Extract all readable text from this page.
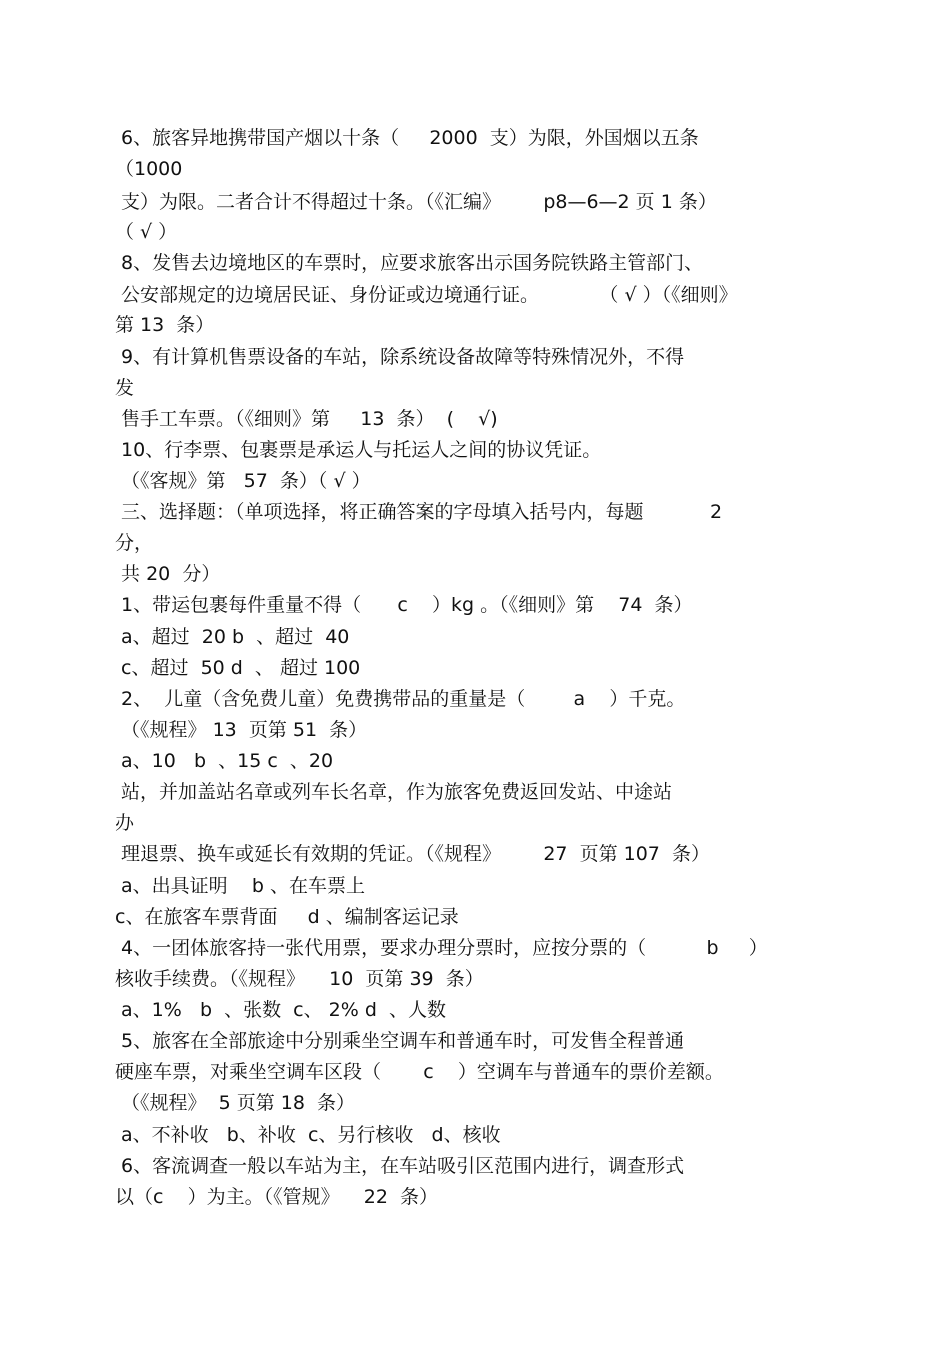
6、旅客异地携带国产烟以十条（     2000  支）为限，外国烟以五条

（1000

支）为限。二者合计不得超过十条。（《汇编》       p8—6—2 页 1 条）

（ √ ）

8、发售去边境地区的车票时，应要求旅客出示国务院铁路主管部门、

公安部规定的边境居民证、身份证或边境通行证。          （ √ ）（《细则》

第 13  条）

9、有计算机售票设备的车站，除系统设备故障等特殊情况外，不得

发

售手工车票。（《细则》第     13  条）  (    √)

10、行李票、包裹票是承运人与托运人之间的协议凭证。

（《客规》第   57  条）（ √ ）

三、选择题：（单项选择，将正确答案的字母填入括号内，每题           2

分，

共 20  分）

1、带运包裹每件重量不得（      c    ）kg 。（《细则》第    74  条）

a、超过  20 b  、超过  40

c、超过  50 d  、 超过 100

2、  儿童（含免费儿童）免费携带品的重量是（        a    ）千克。

（《规程》 13  页第 51  条）

a、10   b  、15 c  、20

站，并加盖站名章或列车长名章，作为旅客免费返回发站、中途站

办

理退票、换车或延长有效期的凭证。（《规程》       27  页第 107  条）

a、出具证明    b 、在车票上

c、在旅客车票背面     d 、编制客运记录

4、一团体旅客持一张代用票，要求办理分票时，应按分票的（          b     ）

核收手续费。（《规程》    10  页第 39  条）

a、1%   b  、张数  c、 2% d  、人数

5、旅客在全部旅途中分别乘坐空调车和普通车时，可发售全程普通

硬座车票，对乘坐空调车区段（       c    ）空调车与普通车的票价差额。

（《规程》  5 页第 18  条）

a、不补收   b、补收  c、另行核收   d、核收

6、客流调查一般以车站为主，在车站吸引区范围内进行，调查形式

以（c    ）为主。（《管规》    22  条）
